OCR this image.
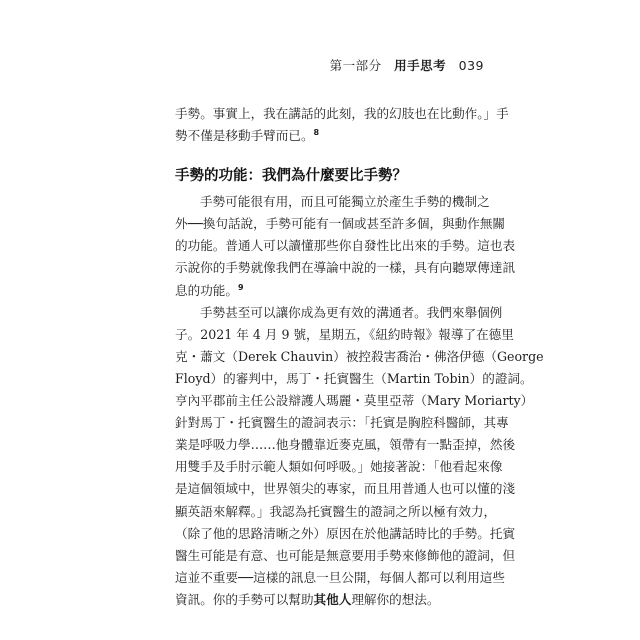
第一部分 用手思考 039
手勢。事實上，我在講話的此刻，我的幻肢也在比動作。」手
勢不僅是移動手臂而已。$^8$
手勢的功能：我們為什麼要比手勢？
手勢可能很有用，而且可能獨立於產生手勢的機制之
外──換句話說，手勢可能有一個或甚至許多個，與動作無關
的功能。普通人可以讀懂那些你自發性比出來的手勢。這也表
示說你的手勢就像我們在導論中說的一樣，具有向聽眾傳達訊
息的功能。$^9$
手勢甚至可以讓你成為更有效的溝通者。我們來舉個例
子。2021 年 4 月 9 號，星期五，《紐約時報》報導了在德里
克・蕭文（Derek Chauvin）被控殺害喬治・佛洛伊德（George
Floyd）的審判中，馬丁・托賓醫生（Martin Tobin）的證詞。
亨內平郡前主任公設辯護人瑪麗・莫里亞蒂（Mary Moriarty）
針對馬丁・托賓醫生的證詞表示：「托賓是胸腔科醫師，其專
業是呼吸力學……他身體靠近麥克風，領帶有一點歪掉，然後
用雙手及手肘示範人類如何呼吸。」她接著說：「他看起來像
是這個領域中，世界領尖的專家，而且用普通人也可以懂的淺
顯英語來解釋。」我認為托賓醫生的證詞之所以極有效力，
（除了他的思路清晰之外）原因在於他講話時比的手勢。托賓
醫生可能是有意、也可能是無意要用手勢來修飾他的證詞，但
這並不重要──這樣的訊息一旦公開，每個人都可以利用這些
資訊。你的手勢可以幫助其他人理解你的想法。
